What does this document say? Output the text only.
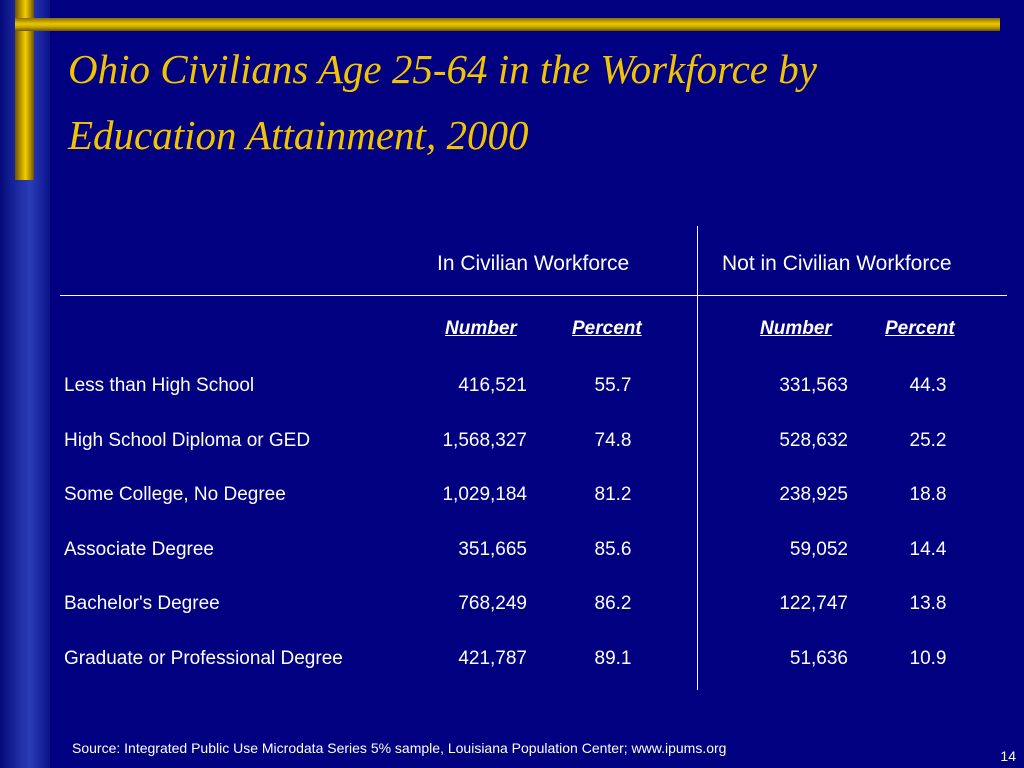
Ohio Civilians Age 25-64 in the Workforce by
Education Attainment, 2000
In Civilian Workforce	Not in Civilian Workforce
Number	Percent	Number	Percent
Less than High School	416,521	55.7	331,563	44.3
High School Diploma or GED	1,568,327	74.8	528,632	25.2
Some College, No Degree	1,029,184	81.2	238,925	18.8
Associate Degree	351,665	85.6	59,052	14.4
Bachelor's Degree	768,249	86.2	122,747	13.8
Graduate or Professional Degree	421,787	89.1	51,636	10.9
Source: Integrated Public Use Microdata Series 5% sample, Louisiana Population Center; www.ipums.org	14
